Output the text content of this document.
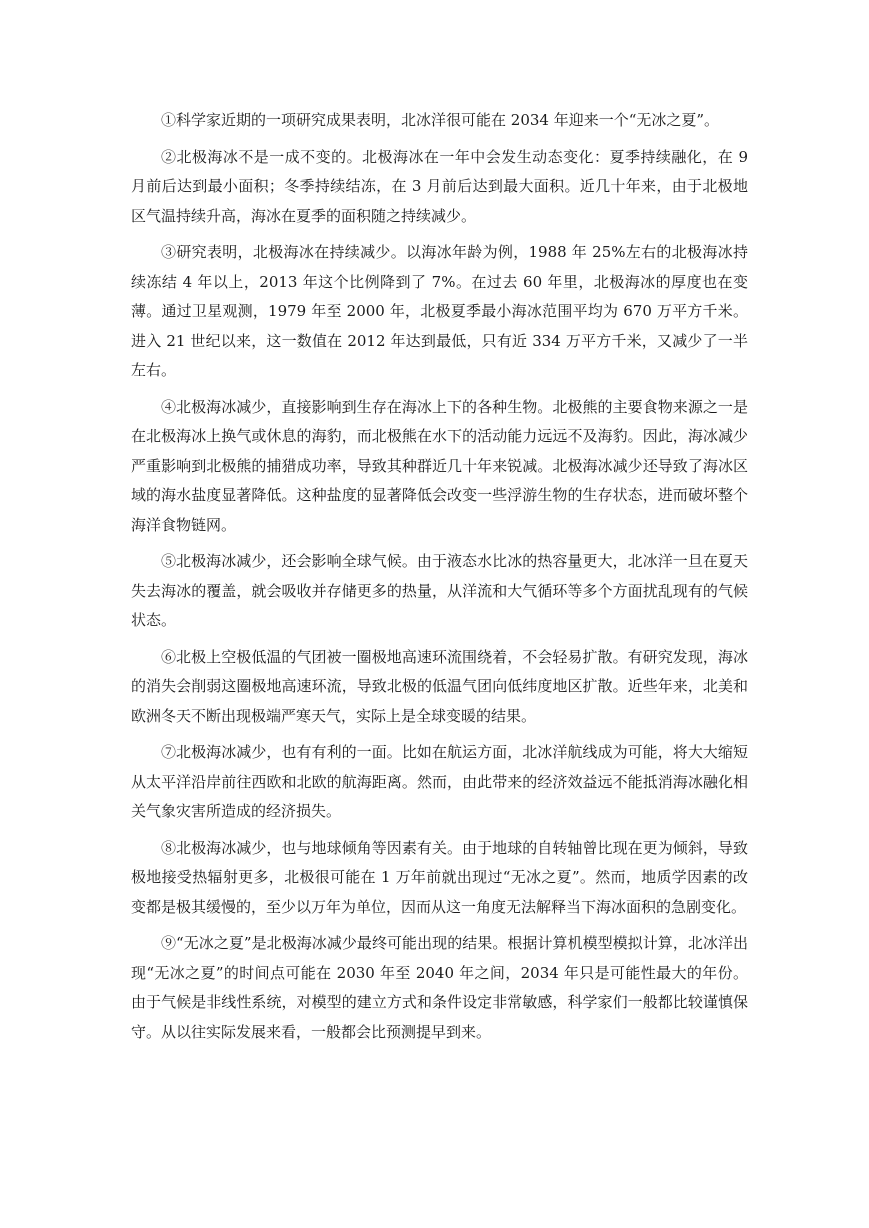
①科学家近期的一项研究成果表明，北冰洋很可能在 2034 年迎来一个“无冰之夏”。

②北极海冰不是一成不变的。北极海冰在一年中会发生动态变化：夏季持续融化，在 9 月前后达到最小面积；冬季持续结冻，在 3 月前后达到最大面积。近几十年来，由于北极地区气温持续升高，海冰在夏季的面积随之持续减少。

③研究表明，北极海冰在持续减少。以海冰年龄为例，1988 年 25%左右的北极海冰持续冻结 4 年以上，2013 年这个比例降到了 7%。在过去 60 年里，北极海冰的厚度也在变薄。通过卫星观测，1979 年至 2000 年，北极夏季最小海冰范围平均为 670 万平方千米。进入 21 世纪以来，这一数值在 2012 年达到最低，只有近 334 万平方千米，又减少了一半左右。

④北极海冰减少，直接影响到生存在海冰上下的各种生物。北极熊的主要食物来源之一是在北极海冰上换气或休息的海豹，而北极熊在水下的活动能力远远不及海豹。因此，海冰减少严重影响到北极熊的捕猎成功率，导致其种群近几十年来锐减。北极海冰减少还导致了海冰区域的海水盐度显著降低。这种盐度的显著降低会改变一些浮游生物的生存状态，进而破坏整个海洋食物链网。

⑤北极海冰减少，还会影响全球气候。由于液态水比冰的热容量更大，北冰洋一旦在夏天失去海冰的覆盖，就会吸收并存储更多的热量，从洋流和大气循环等多个方面扰乱现有的气候状态。

⑥北极上空极低温的气团被一圈极地高速环流围绕着，不会轻易扩散。有研究发现，海冰的消失会削弱这圈极地高速环流，导致北极的低温气团向低纬度地区扩散。近些年来，北美和欧洲冬天不断出现极端严寒天气，实际上是全球变暖的结果。

⑦北极海冰减少，也有有利的一面。比如在航运方面，北冰洋航线成为可能，将大大缩短从太平洋沿岸前往西欧和北欧的航海距离。然而，由此带来的经济效益远不能抵消海冰融化相关气象灾害所造成的经济损失。

⑧北极海冰减少，也与地球倾角等因素有关。由于地球的自转轴曾比现在更为倾斜，导致极地接受热辐射更多，北极很可能在 1 万年前就出现过“无冰之夏”。然而，地质学因素的改变都是极其缓慢的，至少以万年为单位，因而从这一角度无法解释当下海冰面积的急剧变化。

⑨“无冰之夏”是北极海冰减少最终可能出现的结果。根据计算机模型模拟计算，北冰洋出现“无冰之夏”的时间点可能在 2030 年至 2040 年之间，2034 年只是可能性最大的年份。由于气候是非线性系统，对模型的建立方式和条件设定非常敏感，科学家们一般都比较谨慎保守。从以往实际发展来看，一般都会比预测提早到来。
